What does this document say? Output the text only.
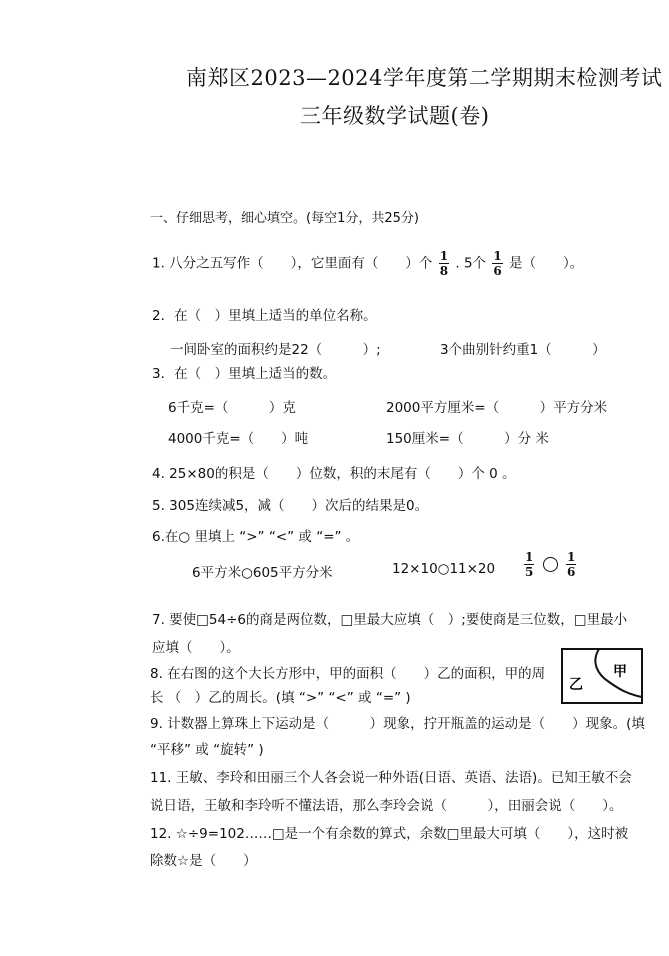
南郑区2023—2024学年度第二学期期末检测考试
三年级数学试题(卷)
一、仔细思考，细心填空。(每空1分，共25分)
1. 八分之五写作（　　），它里面有（　　）个 $\frac{1}{8}$ . 5个 $\frac{1}{6}$ 是（　　）。
2．在（　）里填上适当的单位名称。
一间卧室的面积约是22（　　　）;	3个曲别针约重1（　　　）
3．在（　）里填上适当的数。
6千克=（　　　）克	2000平方厘米=（　　　）平方分米
4000千克=（　　）吨	150厘米=（　　　）分 米
4. 25×80的积是（　　）位数，积的末尾有（　　）个 0 。
5. 305连续减5，减（　　）次后的结果是0。
6.在○ 里填上 “>” “<” 或 “=” 。
6平方米○605平方分米	12×10○11×20 $\frac{1}{5}$
	$\frac{1}{6}$
7. 要使□54÷6的商是两位数，□里最大应填（　）;要使商是三位数，□里最小
应填（　　）。
8. 在右图的这个大长方形中，甲的面积（　　）乙的面积，甲的周
长 （　）乙的周长。(填 “>” “<” 或 “=” )
甲
乙
9. 计数器上算珠上下运动是（　　　）现象，拧开瓶盖的运动是（　　）现象。(填
“平移” 或 “旋转” )
11. 王敏、李玲和田丽三个人各会说一种外语(日语、英语、法语)。已知王敏不会
说日语，王敏和李玲听不懂法语，那么李玲会说（　　　），田丽会说（　　）。
12. ☆÷9=102……□是一个有余数的算式，余数□里最大可填（　　），这时被
除数☆是（　　）
